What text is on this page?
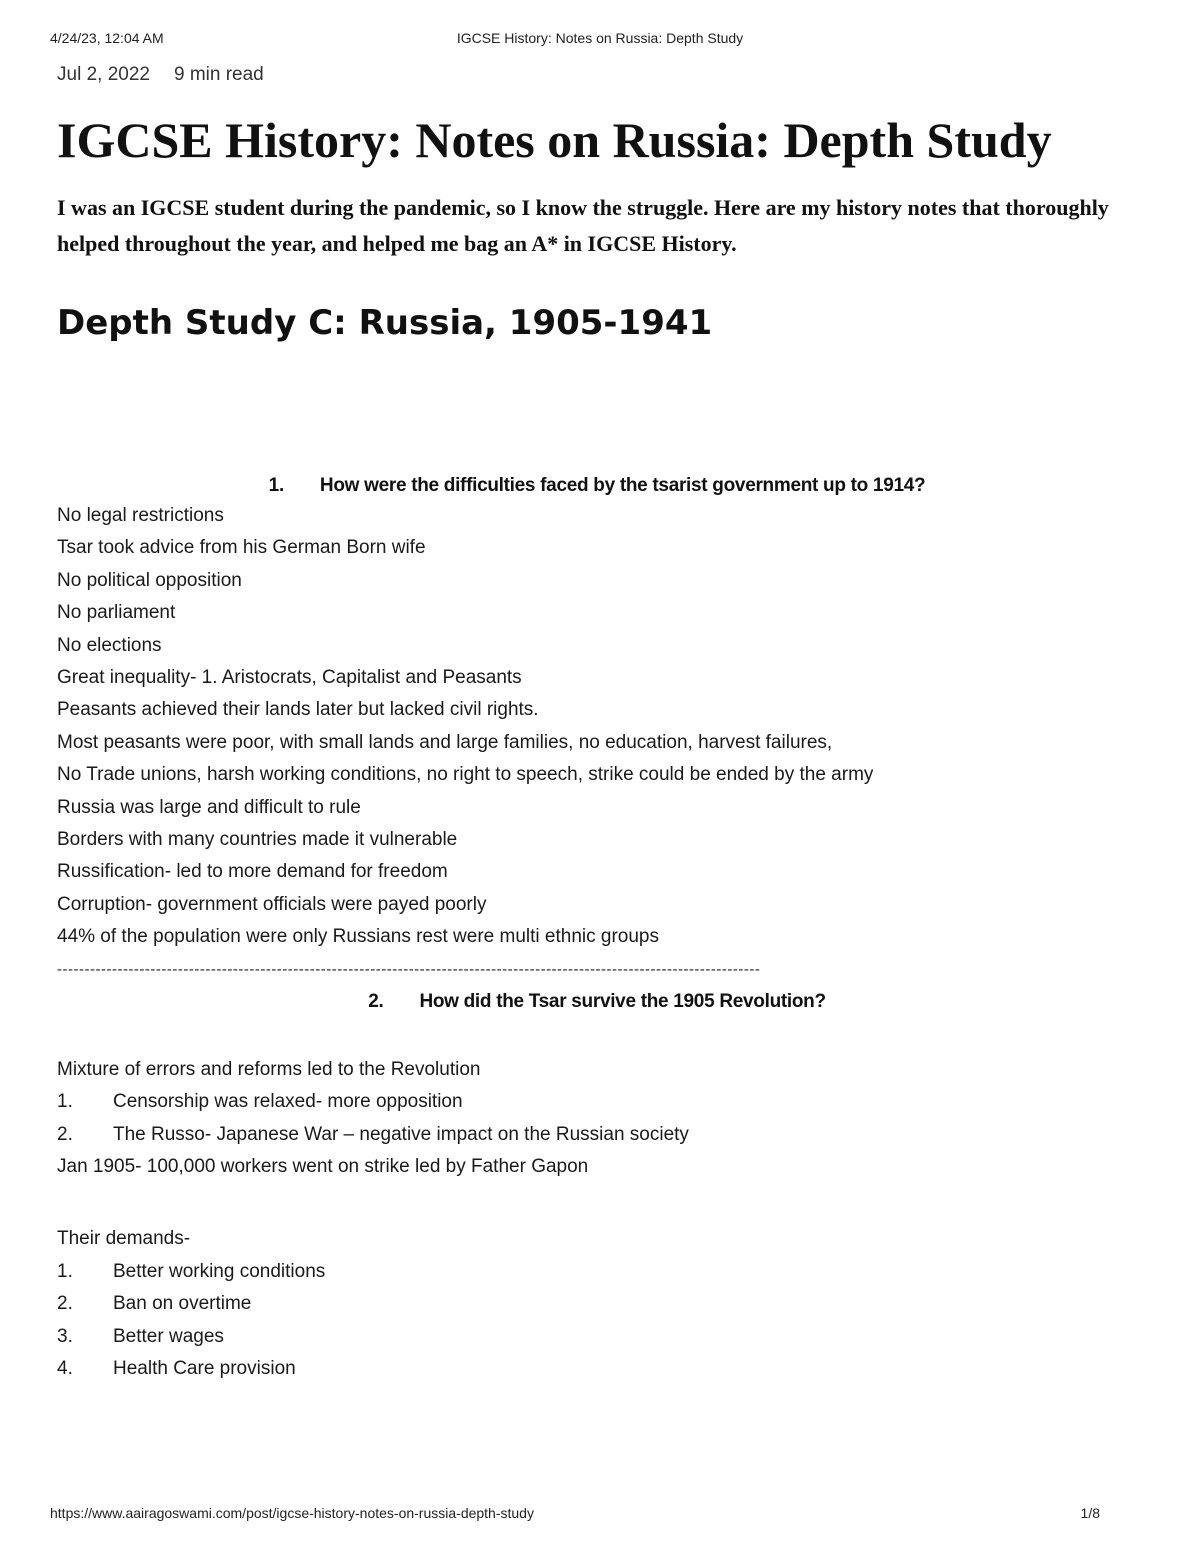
4/24/23, 12:04 AM	IGCSE History: Notes on Russia: Depth Study
Jul 2, 2022 9 min read
IGCSE History: Notes on Russia: Depth Study

I was an IGCSE student during the pandemic, so I know the struggle. Here are my history notes that thoroughly helped throughout the year, and helped me bag an A* in IGCSE History.

Depth Study C: Russia, 1905-1941

1. How were the difficulties faced by the tsarist government up to 1914?

No legal restrictions

Tsar took advice from his German Born wife

No political opposition

No parliament

No elections

Great inequality- 1. Aristocrats, Capitalist and Peasants

Peasants achieved their lands later but lacked civil rights.

Most peasants were poor, with small lands and large families, no education, harvest failures,

No Trade unions, harsh working conditions, no right to speech, strike could be ended by the army

Russia was large and difficult to rule

Borders with many countries made it vulnerable

Russification- led to more demand for freedom

Corruption- government officials were payed poorly

44% of the population were only Russians rest were multi ethnic groups

--------------------------------------------------------------------------------------------------------------------------------

2. How did the Tsar survive the 1905 Revolution?

Mixture of errors and reforms led to the Revolution

1. Censorship was relaxed- more opposition

2. The Russo- Japanese War – negative impact on the Russian society

Jan 1905- 100,000 workers went on strike led by Father Gapon

Their demands-

1. Better working conditions

2. Ban on overtime

3. Better wages

4. Health Care provision

https://www.aairagoswami.com/post/igcse-history-notes-on-russia-depth-study	1/8
